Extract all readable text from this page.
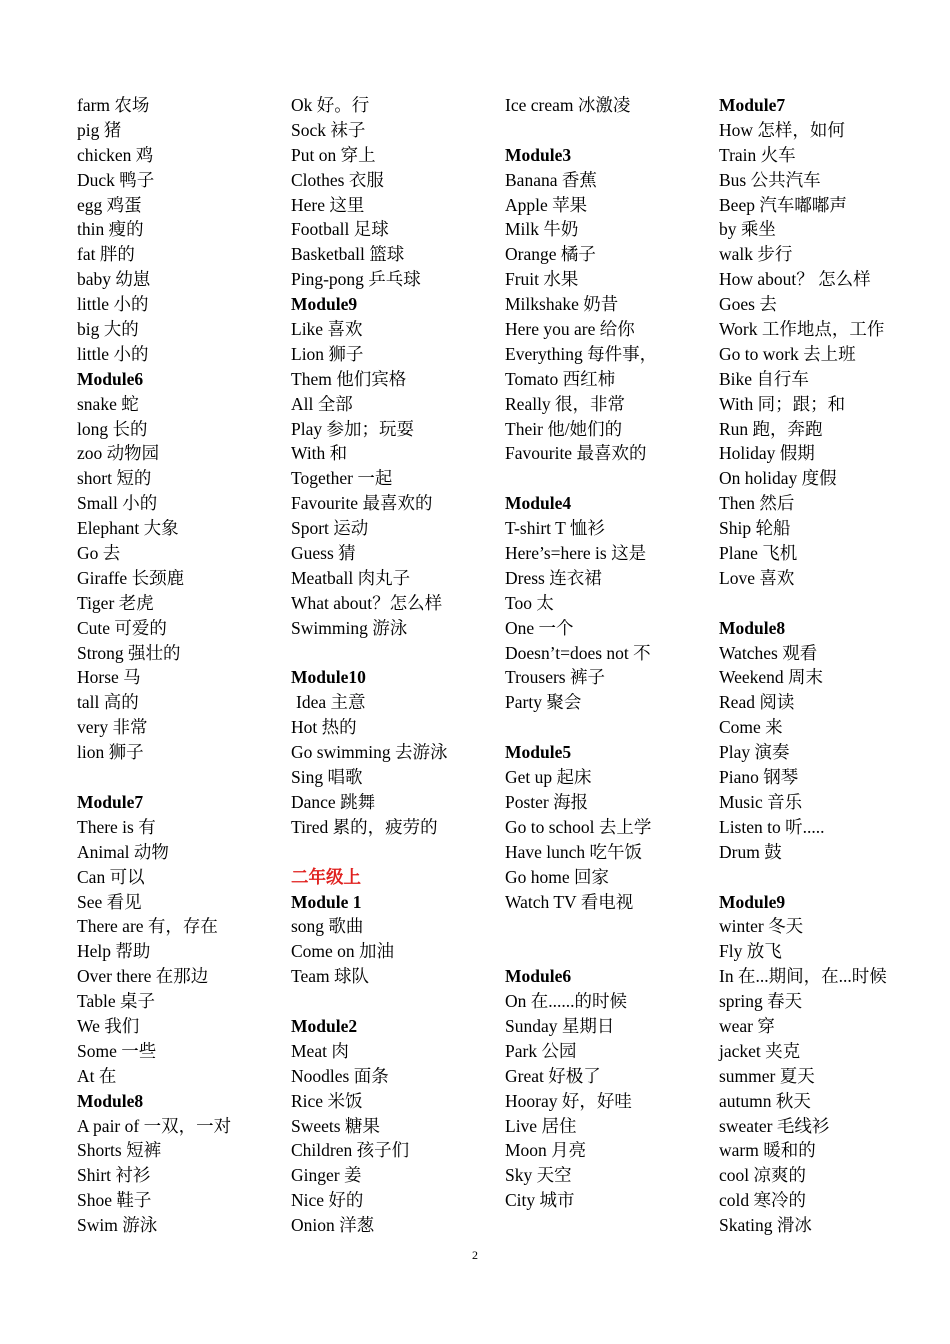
farm 农场
pig 猪
chicken 鸡
Duck 鸭子
egg 鸡蛋
thin 瘦的
fat 胖的
baby 幼崽
little 小的
big 大的
little 小的
Module6
snake 蛇
long 长的
zoo 动物园
short 短的
Small 小的
Elephant 大象
Go 去
Giraffe 长颈鹿
Tiger 老虎
Cute 可爱的
Strong 强壮的
Horse 马
tall 高的
very 非常
lion 狮子
Module7
There is 有
Animal 动物
Can 可以
See 看见
There are 有，存在
Help 帮助
Over there 在那边
Table 桌子
We 我们
Some 一些
At 在
Module8
A pair of 一双，一对
Shorts 短裤
Shirt 衬衫
Shoe 鞋子
Swim 游泳
Ok 好。行
Sock 袜子
Put on 穿上
Clothes 衣服
Here 这里
Football 足球
Basketball 篮球
Ping-pong 乒乓球
Module9
Like 喜欢
Lion 狮子
Them 他们宾格
All 全部
Play 参加；玩耍
With 和
Together 一起
Favourite 最喜欢的
Sport 运动
Guess 猜
Meatball 肉丸子
What about？怎么样
Swimming 游泳
Module10
Idea 主意
Hot 热的
Go swimming 去游泳
Sing 唱歌
Dance 跳舞
Tired 累的，疲劳的
二年级上
Module 1
song 歌曲
Come on 加油
Team 球队
Module2
Meat 肉
Noodles 面条
Rice 米饭
Sweets 糖果
Children 孩子们
Ginger 姜
Nice 好的
Onion 洋葱
Ice cream 冰激凌
Module3
Banana 香蕉
Apple 苹果
Milk 牛奶
Orange 橘子
Fruit 水果
Milkshake 奶昔
Here you are 给你
Everything 每件事，
Tomato 西红柿
Really 很，非常
Their 他/她们的
Favourite 最喜欢的
Module4
T-shirt T 恤衫
Here’s=here is 这是
Dress 连衣裙
Too 太
One 一个
Doesn’t=does not 不
Trousers 裤子
Party 聚会
Module5
Get up 起床
Poster 海报
Go to school 去上学
Have lunch 吃午饭
Go home 回家
Watch TV 看电视
Module6
On 在......的时候
Sunday 星期日
Park 公园
Great 好极了
Hooray 好，好哇
Live 居住
Moon 月亮
Sky 天空
City 城市
Module7
How 怎样，如何
Train 火车
Bus 公共汽车
Beep 汽车嘟嘟声
by 乘坐
walk 步行
How about？ 怎么样
Goes 去
Work 工作地点，工作
Go to work 去上班
Bike 自行车
With 同；跟；和
Run 跑，奔跑
Holiday 假期
On holiday 度假
Then 然后
Ship 轮船
Plane 飞机
Love 喜欢
Module8
Watches 观看
Weekend 周末
Read 阅读
Come 来
Play 演奏
Piano 钢琴
Music 音乐
Listen to 听.....
Drum 鼓
Module9
winter 冬天
Fly 放飞
In 在...期间，在...时候
spring 春天
wear 穿
jacket 夹克
summer 夏天
autumn 秋天
sweater 毛线衫
warm 暖和的
cool 凉爽的
cold 寒冷的
Skating 滑冰
2
